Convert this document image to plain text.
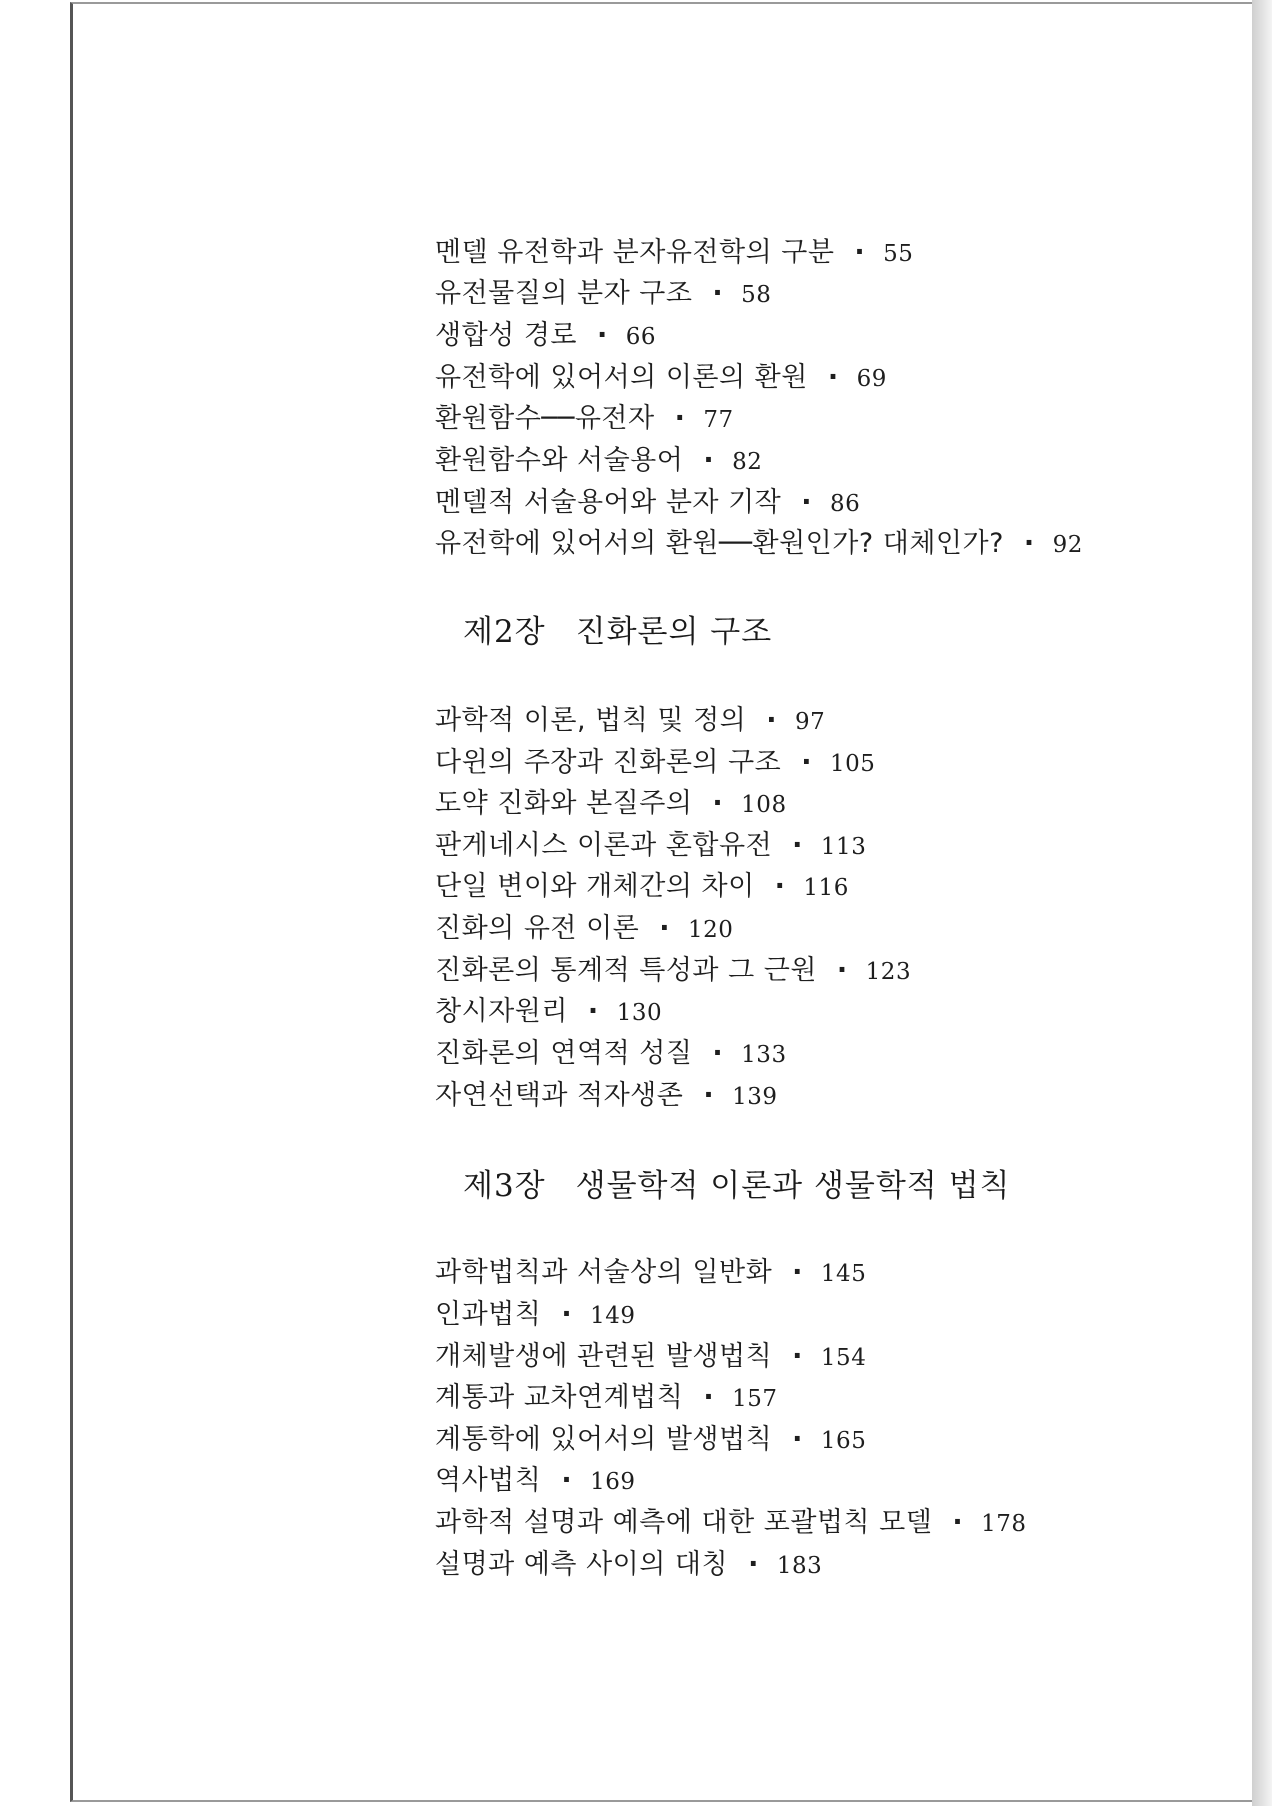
멘델 유전학과 분자유전학의 구분 · 55
유전물질의 분자 구조 · 58
생합성 경로 · 66
유전학에 있어서의 이론의 환원 · 69
환원함수──유전자 · 77
환원함수와 서술용어 · 82
멘델적 서술용어와 분자 기작 · 86
유전학에 있어서의 환원──환원인가? 대체인가? · 92
제2장 진화론의 구조
과학적 이론, 법칙 및 정의 · 97
다윈의 주장과 진화론의 구조 · 105
도약 진화와 본질주의 · 108
판게네시스 이론과 혼합유전 · 113
단일 변이와 개체간의 차이 · 116
진화의 유전 이론 · 120
진화론의 통계적 특성과 그 근원 · 123
창시자원리 · 130
진화론의 연역적 성질 · 133
자연선택과 적자생존 · 139
제3장 생물학적 이론과 생물학적 법칙
과학법칙과 서술상의 일반화 · 145
인과법칙 · 149
개체발생에 관련된 발생법칙 · 154
계통과 교차연계법칙 · 157
계통학에 있어서의 발생법칙 · 165
역사법칙 · 169
과학적 설명과 예측에 대한 포괄법칙 모델 · 178
설명과 예측 사이의 대칭 · 183
